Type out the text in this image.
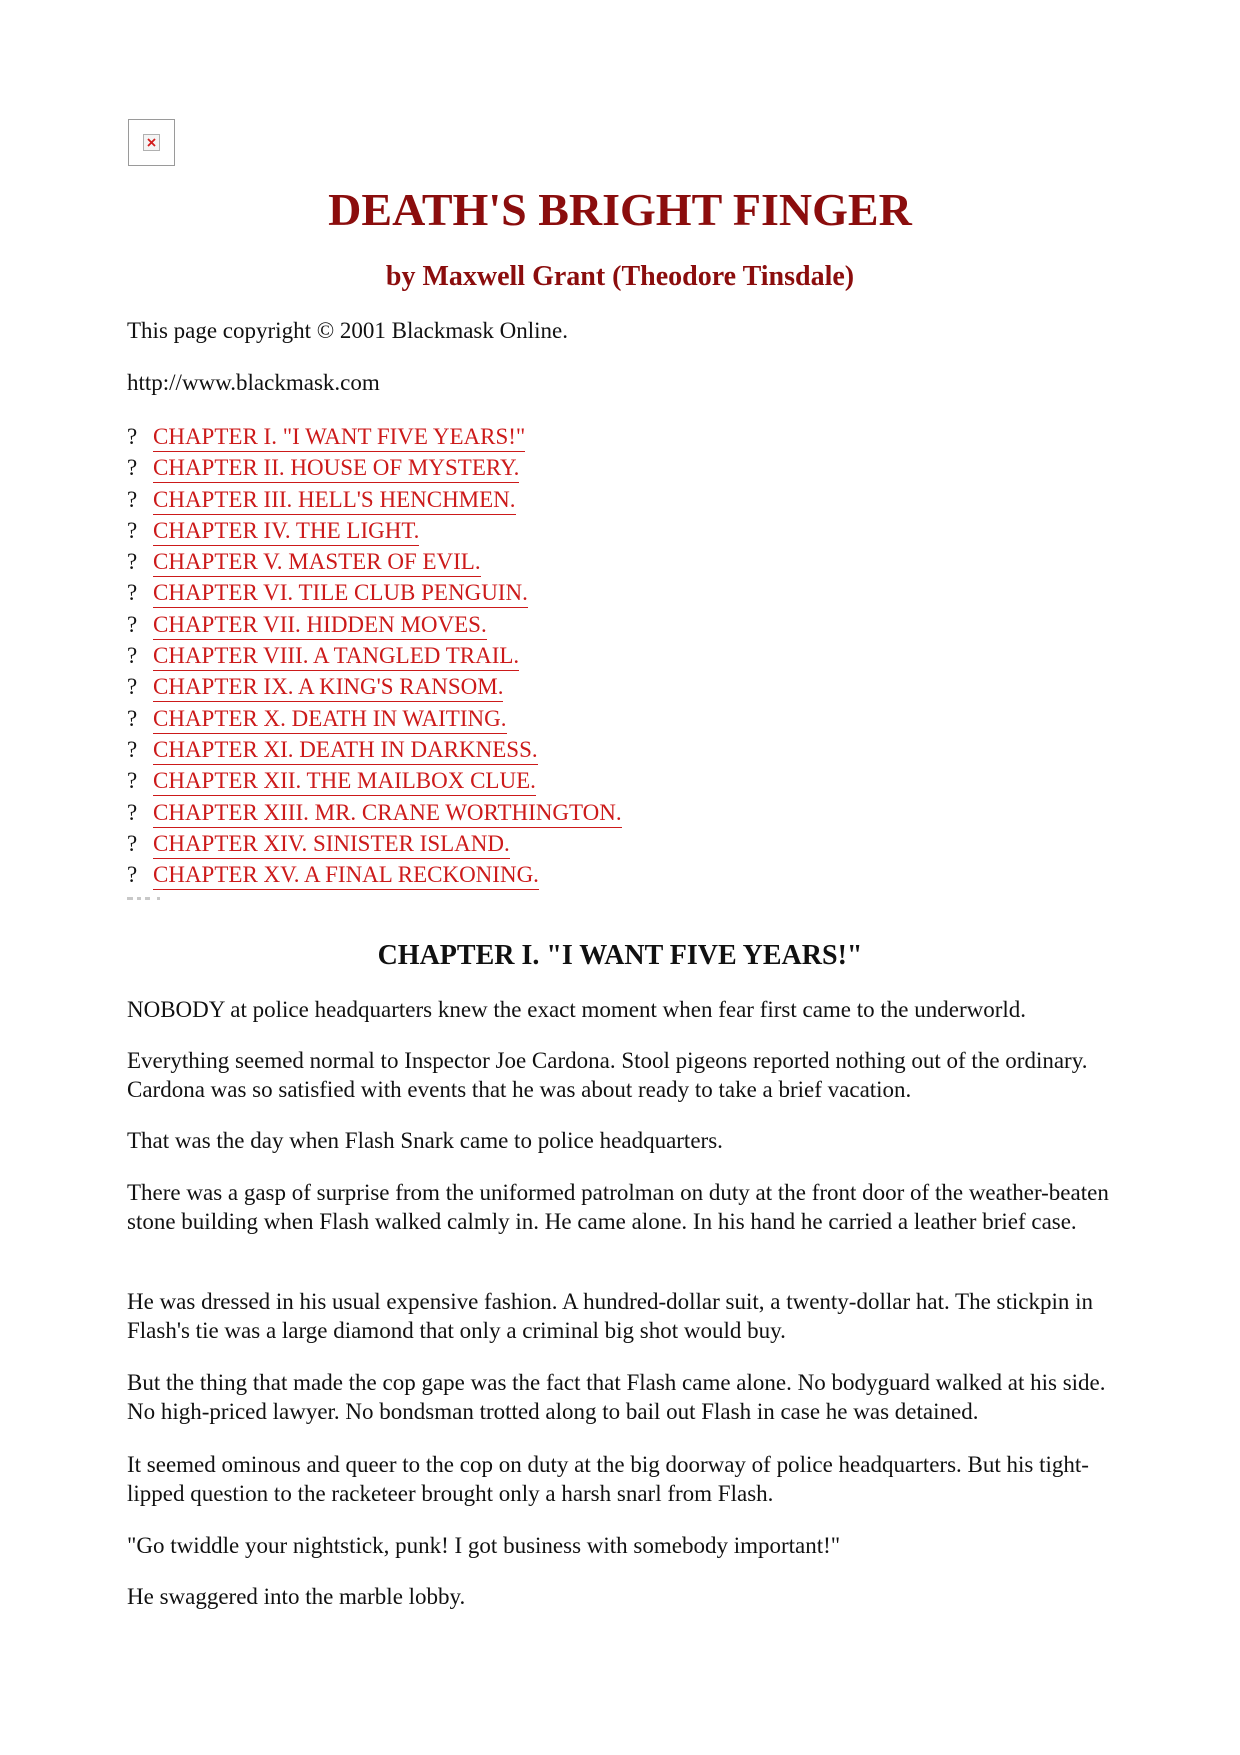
DEATH'S BRIGHT FINGER
by Maxwell Grant (Theodore Tinsdale)

This page copyright © 2001 Blackmask Online.

http://www.blackmask.com

? CHAPTER I. "I WANT FIVE YEARS!"
? CHAPTER II. HOUSE OF MYSTERY.
? CHAPTER III. HELL'S HENCHMEN.
? CHAPTER IV. THE LIGHT.
? CHAPTER V. MASTER OF EVIL.
? CHAPTER VI. TILE CLUB PENGUIN.
? CHAPTER VII. HIDDEN MOVES.
? CHAPTER VIII. A TANGLED TRAIL.
? CHAPTER IX. A KING'S RANSOM.
? CHAPTER X. DEATH IN WAITING.
? CHAPTER XI. DEATH IN DARKNESS.
? CHAPTER XII. THE MAILBOX CLUE.
? CHAPTER XIII. MR. CRANE WORTHINGTON.
? CHAPTER XIV. SINISTER ISLAND.
? CHAPTER XV. A FINAL RECKONING.
CHAPTER I. "I WANT FIVE YEARS!"

NOBODY at police headquarters knew the exact moment when fear first came to the underworld.

Everything seemed normal to Inspector Joe Cardona. Stool pigeons reported nothing out of the ordinary. Cardona was so satisfied with events that he was about ready to take a brief vacation.

That was the day when Flash Snark came to police headquarters.

There was a gasp of surprise from the uniformed patrolman on duty at the front door of the weather-beaten stone building when Flash walked calmly in. He came alone. In his hand he carried a leather brief case.

He was dressed in his usual expensive fashion. A hundred-dollar suit, a twenty-dollar hat. The stickpin in Flash's tie was a large diamond that only a criminal big shot would buy.

But the thing that made the cop gape was the fact that Flash came alone. No bodyguard walked at his side. No high-priced lawyer. No bondsman trotted along to bail out Flash in case he was detained.

It seemed ominous and queer to the cop on duty at the big doorway of police headquarters. But his tight-lipped question to the racketeer brought only a harsh snarl from Flash.

"Go twiddle your nightstick, punk! I got business with somebody important!"

He swaggered into the marble lobby.
